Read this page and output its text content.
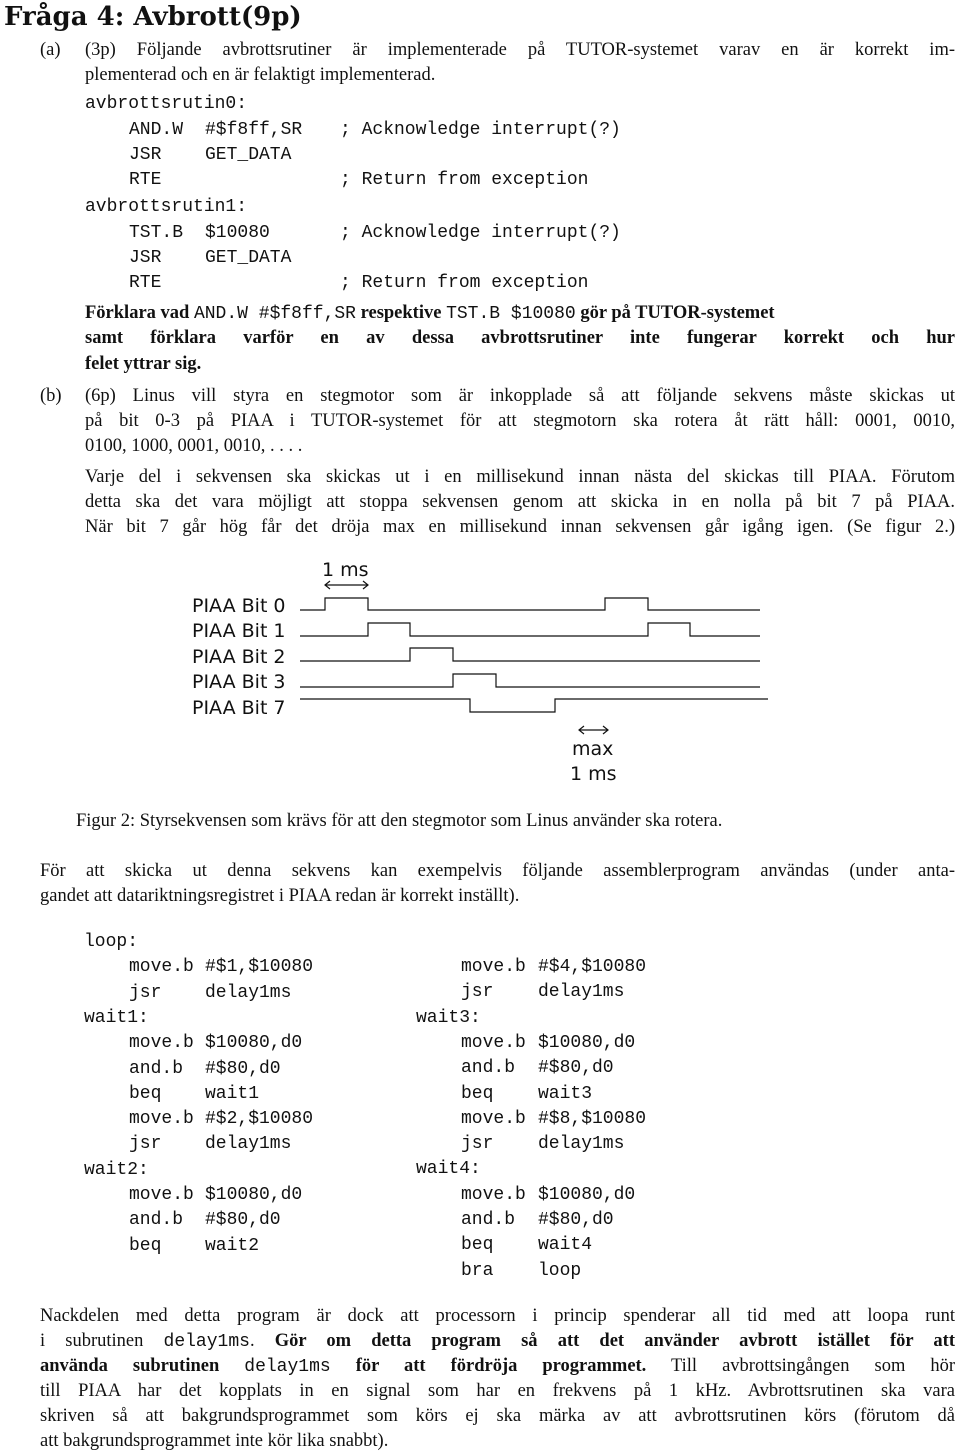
Fråga 4: Avbrott(9p)
(a) (3p) Följande avbrottsrutiner är implementerade på TUTOR-systemet varav en är korrekt im-
plementerad och en är felaktigt implementerad.
avbrottsrutin0:
AND.W #$f8ff,SR ; Acknowledge interrupt(?)
JSR GET_DATA
RTE	; Return from exception
avbrottsrutin1:
TST.B $10080	; Acknowledge interrupt(?)
JSR GET_DATA
RTE	; Return from exception
Förklara vad AND.W #$f8ff,SR respektive TST.B $10080 gör på TUTOR-systemet
samt förklara varför en av dessa avbrottsrutiner inte fungerar korrekt och hur
felet yttrar sig.
(b) (6p) Linus vill styra en stegmotor som är inkopplade så att följande sekvens måste skickas ut
på bit 0-3 på PIAA i TUTOR-systemet för att stegmotorn ska rotera åt rätt håll: 0001, 0010,
0100, 1000, 0001, 0010, . . . .
Varje del i sekvensen ska skickas ut i en millisekund innan nästa del skickas till PIAA. Förutom
detta ska det vara möjligt att stoppa sekvensen genom att skicka in en nolla på bit 7 på PIAA.
När bit 7 går hög får det dröja max en millisekund innan sekvensen går igång igen. (Se figur 2.)
1 ms
PIAA Bit 0
PIAA Bit 1
PIAA Bit 2
PIAA Bit 3
PIAA Bit 7
max
1 ms
Figur 2: Styrsekvensen som krävs för att den stegmotor som Linus använder ska rotera.
För att skicka ut denna sekvens kan exempelvis följande assemblerprogram användas (under anta-
gandet att datariktningsregistret i PIAA redan är korrekt inställt).
loop:
move.b #$1,$10080
jsr delay1ms
wait1:
move.b $10080,d0
and.b #$80,d0
beq wait1
move.b #$2,$10080
jsr delay1ms
wait2:
move.b $10080,d0
and.b #$80,d0
beq wait2
move.b #$4,$10080
jsr delay1ms
wait3:
move.b $10080,d0
and.b #$80,d0
beq wait3
move.b #$8,$10080
jsr delay1ms
wait4:
move.b $10080,d0
and.b #$80,d0
beq wait4
bra loop
Nackdelen med detta program är dock att processorn i princip spenderar all tid med att loopa runt
i subrutinen delay1ms. Gör om detta program så att det använder avbrott istället för att
använda subrutinen delay1ms för att fördröja programmet. Till avbrottsingången som hör
till PIAA har det kopplats in en signal som har en frekvens på 1 kHz. Avbrottsrutinen ska vara
skriven så att bakgrundsprogrammet som körs ej ska märka av att avbrottsrutinen körs (förutom då
att bakgrundsprogrammet inte kör lika snabbt).
